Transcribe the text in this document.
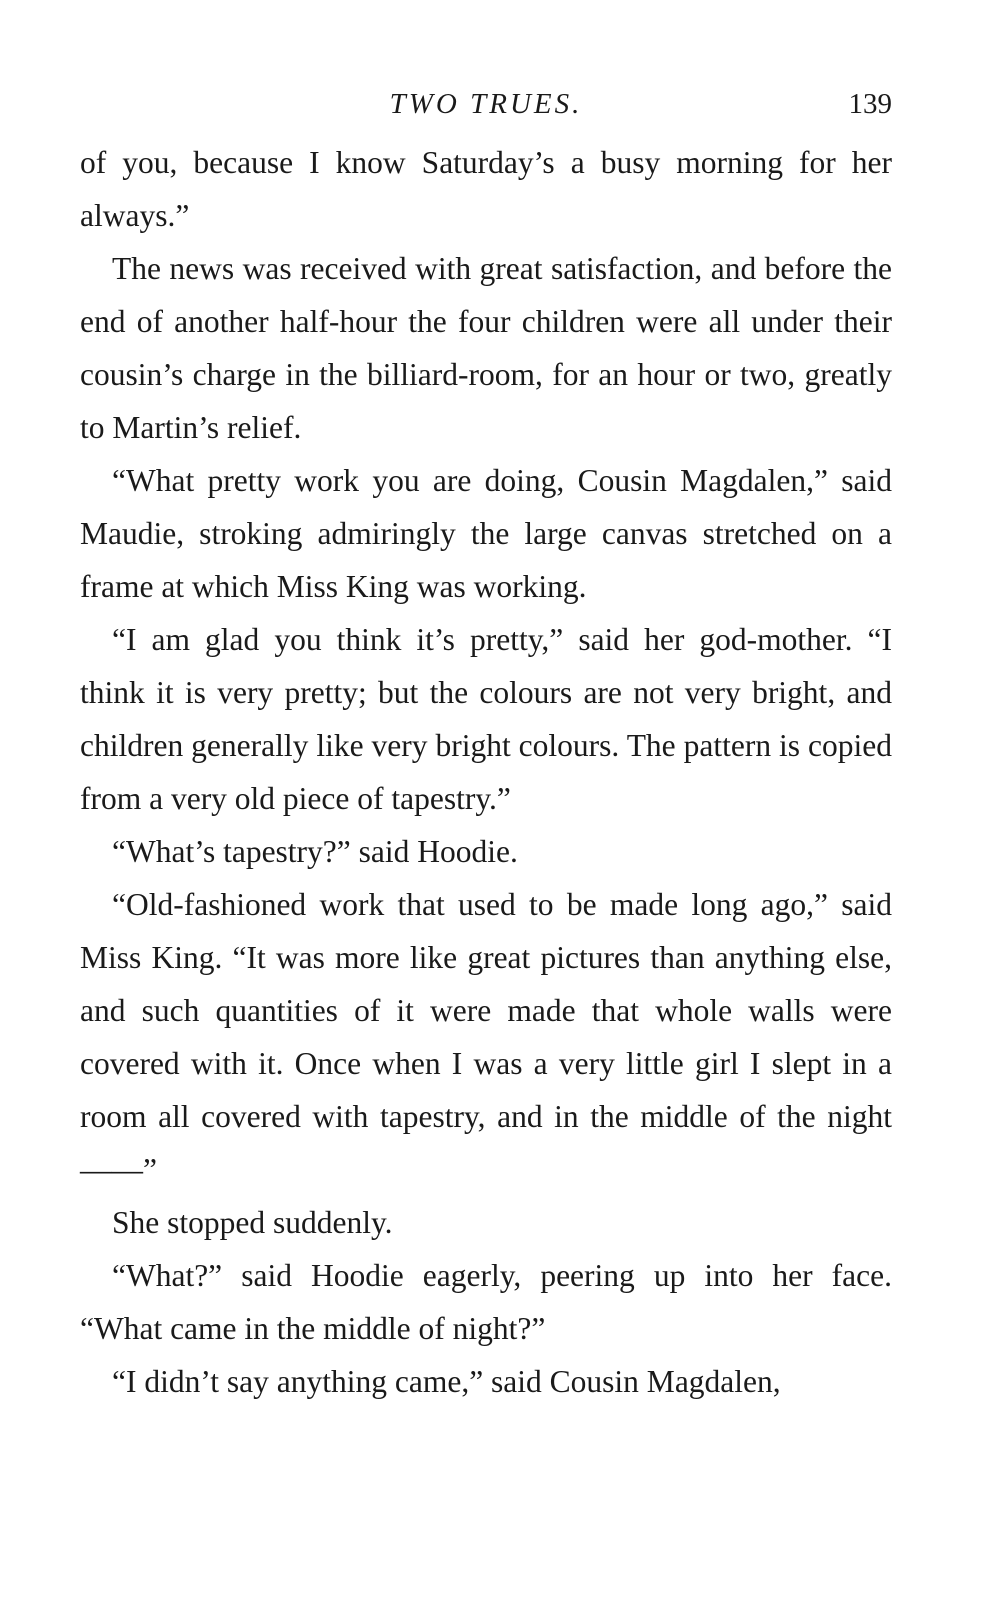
TWO TRUES.	139

of you, because I know Saturday’s a busy morning for her always.”

The news was received with great satisfaction, and before the end of another half-hour the four children were all under their cousin’s charge in the billiard-room, for an hour or two, greatly to Martin’s relief.

“What pretty work you are doing, Cousin Magdalen,” said Maudie, stroking admiringly the large canvas stretched on a frame at which Miss King was working.

“I am glad you think it’s pretty,” said her god-mother. “I think it is very pretty; but the colours are not very bright, and children generally like very bright colours. The pattern is copied from a very old piece of tapestry.”

“What’s tapestry?” said Hoodie.

“Old-fashioned work that used to be made long ago,” said Miss King. “It was more like great pictures than anything else, and such quantities of it were made that whole walls were covered with it. Once when I was a very little girl I slept in a room all covered with tapestry, and in the middle of the night——”

She stopped suddenly.

“What?” said Hoodie eagerly, peering up into her face. “What came in the middle of night?”

“I didn’t say anything came,” said Cousin Magdalen,
